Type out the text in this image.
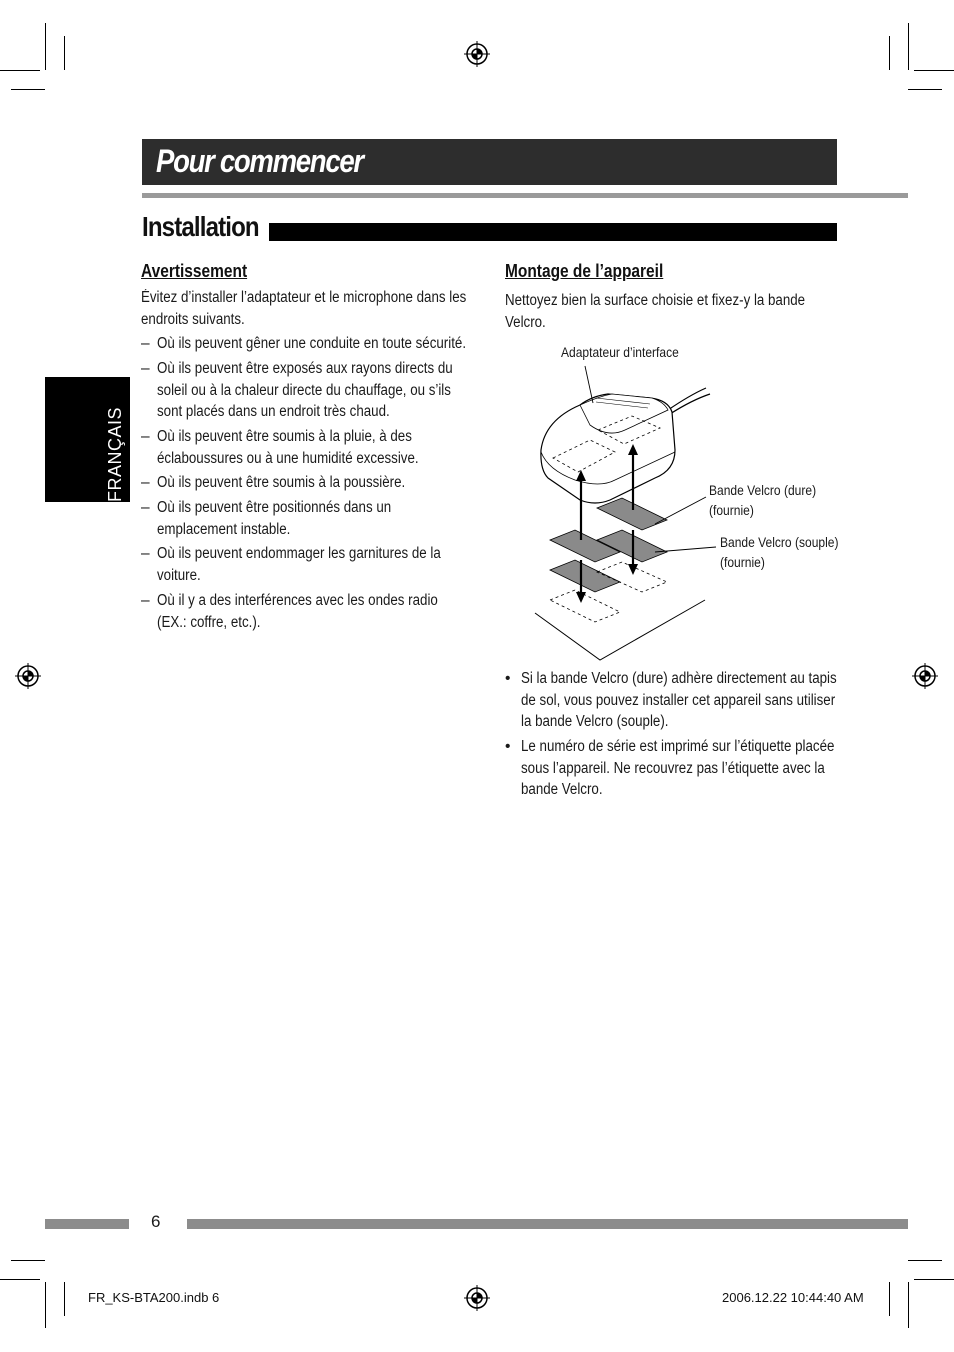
Pour commencer
Installation
FRANÇAIS
Avertissement
Évitez d’installer l’adaptateur et le microphone dans les
endroits suivants.
– Où ils peuvent gêner une conduite en toute sécurité.
– Où ils peuvent être exposés aux rayons directs du
soleil ou à la chaleur directe du chauffage, ou s’ils
sont placés dans un endroit très chaud.
– Où ils peuvent être soumis à la pluie, à des
éclaboussures ou à une humidité excessive.
– Où ils peuvent être soumis à la poussière.
– Où ils peuvent être positionnés dans un
emplacement instable.
– Où ils peuvent endommager les garnitures de la
voiture.
– Où il y a des interférences avec les ondes radio
(EX.: coffre, etc.).
Montage de l’appareil
Nettoyez bien la surface choisie et fixez-y la bande
Velcro.
Adaptateur d’interface
Bande Velcro (dure)
(fournie)
Bande Velcro (souple)
(fournie)
• Si la bande Velcro (dure) adhère directement au tapis
de sol, vous pouvez installer cet appareil sans utiliser
la bande Velcro (souple).
• Le numéro de série est imprimé sur l’étiquette placée
sous l’appareil. Ne recouvrez pas l’étiquette avec la
bande Velcro.
6
FR_KS-BTA200.indb 6	2006.12.22 10:44:40 AM
